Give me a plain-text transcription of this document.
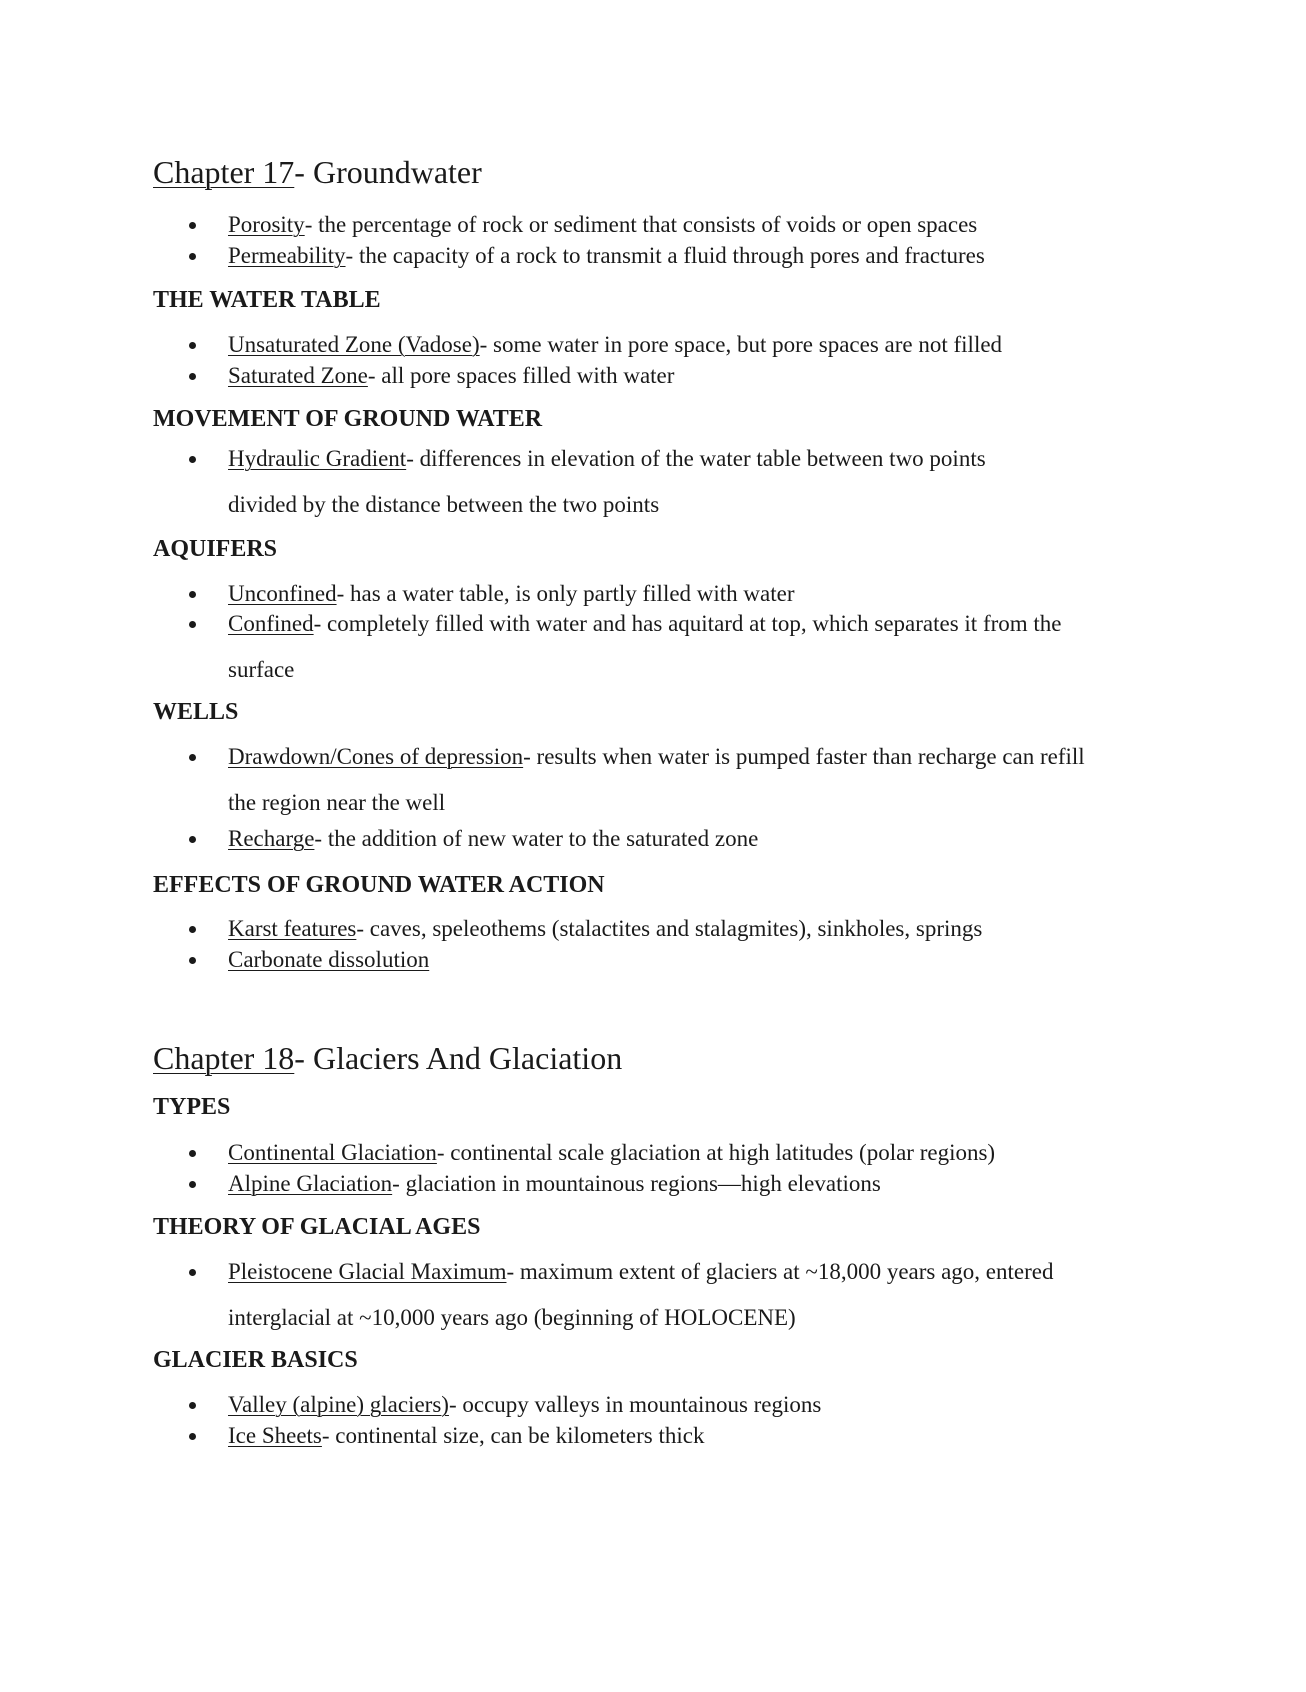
Chapter 17- Groundwater
Porosity- the percentage of rock or sediment that consists of voids or open spaces
Permeability- the capacity of a rock to transmit a fluid through pores and fractures
THE WATER TABLE
Unsaturated Zone (Vadose)- some water in pore space, but pore spaces are not filled
Saturated Zone- all pore spaces filled with water
MOVEMENT OF GROUND WATER
Hydraulic Gradient- differences in elevation of the water table between two points divided by the distance between the two points
AQUIFERS
Unconfined- has a water table, is only partly filled with water
Confined- completely filled with water and has aquitard at top, which separates it from the surface
WELLS
Drawdown/Cones of depression- results when water is pumped faster than recharge can refill the region near the well
Recharge- the addition of new water to the saturated zone
EFFECTS OF GROUND WATER ACTION
Karst features- caves, speleothems (stalactites and stalagmites), sinkholes, springs
Carbonate dissolution
Chapter 18- Glaciers And Glaciation
TYPES
Continental Glaciation- continental scale glaciation at high latitudes (polar regions)
Alpine Glaciation- glaciation in mountainous regions—high elevations
THEORY OF GLACIAL AGES
Pleistocene Glacial Maximum- maximum extent of glaciers at ~18,000 years ago, entered interglacial at ~10,000 years ago (beginning of HOLOCENE)
GLACIER BASICS
Valley (alpine) glaciers)- occupy valleys in mountainous regions
Ice Sheets- continental size, can be kilometers thick
